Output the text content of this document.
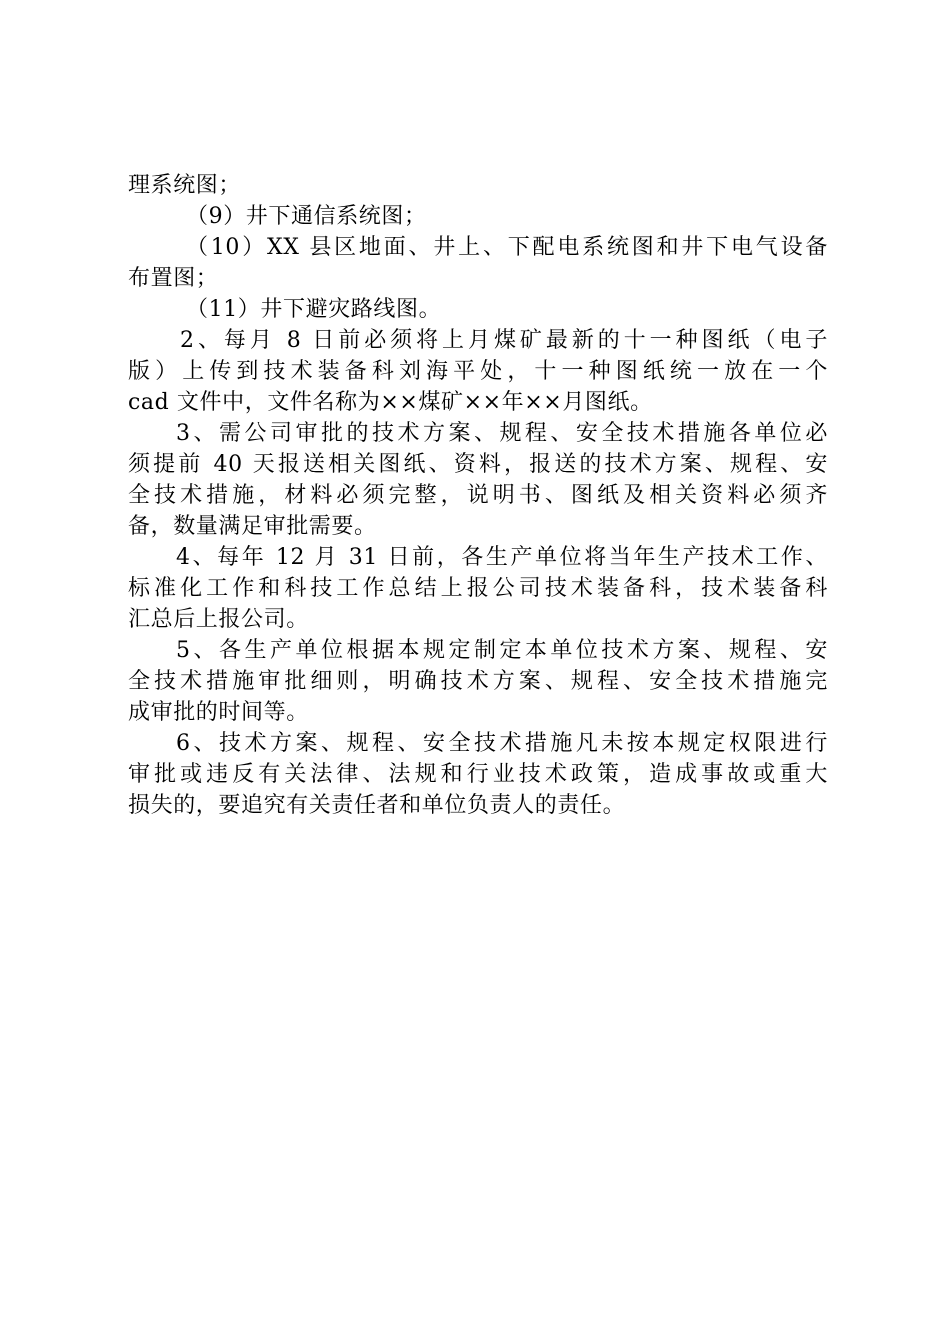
理系统图；
（9）井下通信系统图；
（10）XX 县区地面、井上、下配电系统图和井下电气设备
布置图；
（11）井下避灾路线图。
2、每月 8 日前必须将上月煤矿最新的十一种图纸（电子
版）上传到技术装备科刘海平处，十一种图纸统一放在一个
cad 文件中，文件名称为××煤矿××年××月图纸。
3、需公司审批的技术方案、规程、安全技术措施各单位必
须提前 40 天报送相关图纸、资料，报送的技术方案、规程、安
全技术措施，材料必须完整，说明书、图纸及相关资料必须齐
备，数量满足审批需要。
4、每年 12 月 31 日前，各生产单位将当年生产技术工作、
标准化工作和科技工作总结上报公司技术装备科，技术装备科
汇总后上报公司。
5、各生产单位根据本规定制定本单位技术方案、规程、安
全技术措施审批细则，明确技术方案、规程、安全技术措施完
成审批的时间等。
6、技术方案、规程、安全技术措施凡未按本规定权限进行
审批或违反有关法律、法规和行业技术政策，造成事故或重大
损失的，要追究有关责任者和单位负责人的责任。
